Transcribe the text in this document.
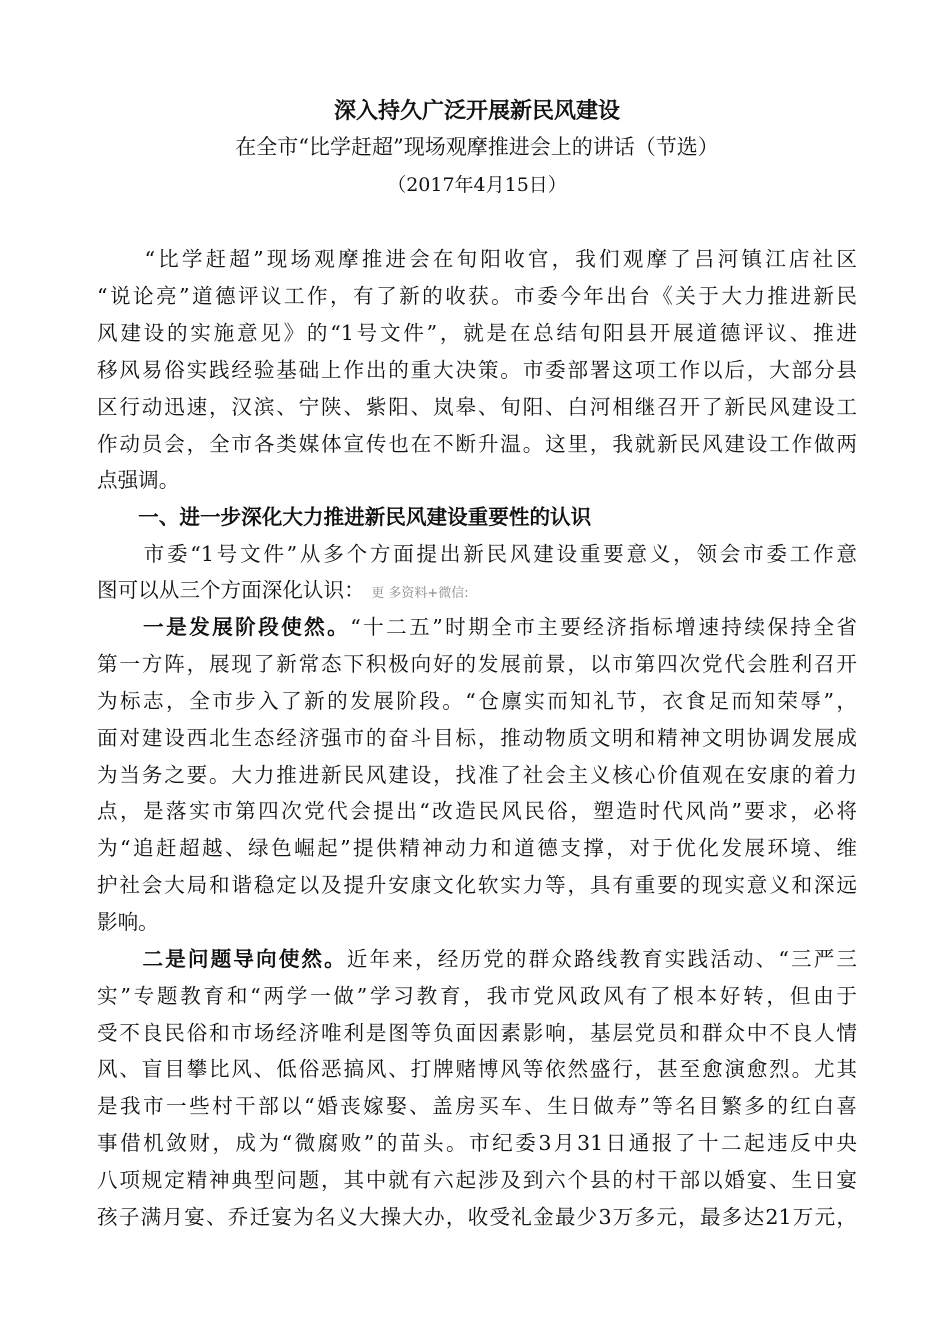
深入持久广泛开展新民风建设
在全市“比学赶超”现场观摩推进会上的讲话（节选）
（2017年4月15日）
　　“比学赶超”现场观摩推进会在旬阳收官，我们观摩了吕河镇江店社区
“说论亮”道德评议工作，有了新的收获。市委今年出台《关于大力推进新民
风建设的实施意见》的“1号文件”，就是在总结旬阳县开展道德评议、推进
移风易俗实践经验基础上作出的重大决策。市委部署这项工作以后，大部分县
区行动迅速，汉滨、宁陕、紫阳、岚皋、旬阳、白河相继召开了新民风建设工
作动员会，全市各类媒体宣传也在不断升温。这里，我就新民风建设工作做两
点强调。
　　一、进一步深化大力推进新民风建设重要性的认识
　　市委“1号文件”从多个方面提出新民风建设重要意义，领会市委工作意
图可以从三个方面深化认识： 更 多资料+微信:
　　一是发展阶段使然。“十二五”时期全市主要经济指标增速持续保持全省
第一方阵，展现了新常态下积极向好的发展前景，以市第四次党代会胜利召开
为标志，全市步入了新的发展阶段。“仓廪实而知礼节，衣食足而知荣辱”，
面对建设西北生态经济强市的奋斗目标，推动物质文明和精神文明协调发展成
为当务之要。大力推进新民风建设，找准了社会主义核心价值观在安康的着力
点，是落实市第四次党代会提出“改造民风民俗，塑造时代风尚”要求，必将
为“追赶超越、绿色崛起”提供精神动力和道德支撑，对于优化发展环境、维
护社会大局和谐稳定以及提升安康文化软实力等，具有重要的现实意义和深远
影响。
　　二是问题导向使然。近年来，经历党的群众路线教育实践活动、“三严三
实”专题教育和“两学一做”学习教育，我市党风政风有了根本好转，但由于
受不良民俗和市场经济唯利是图等负面因素影响，基层党员和群众中不良人情
风、盲目攀比风、低俗恶搞风、打牌赌博风等依然盛行，甚至愈演愈烈。尤其
是我市一些村干部以“婚丧嫁娶、盖房买车、生日做寿”等名目繁多的红白喜
事借机敛财，成为“微腐败”的苗头。市纪委3月31日通报了十二起违反中央
八项规定精神典型问题，其中就有六起涉及到六个县的村干部以婚宴、生日宴
孩子满月宴、乔迁宴为名义大操大办，收受礼金最少3万多元，最多达21万元，
